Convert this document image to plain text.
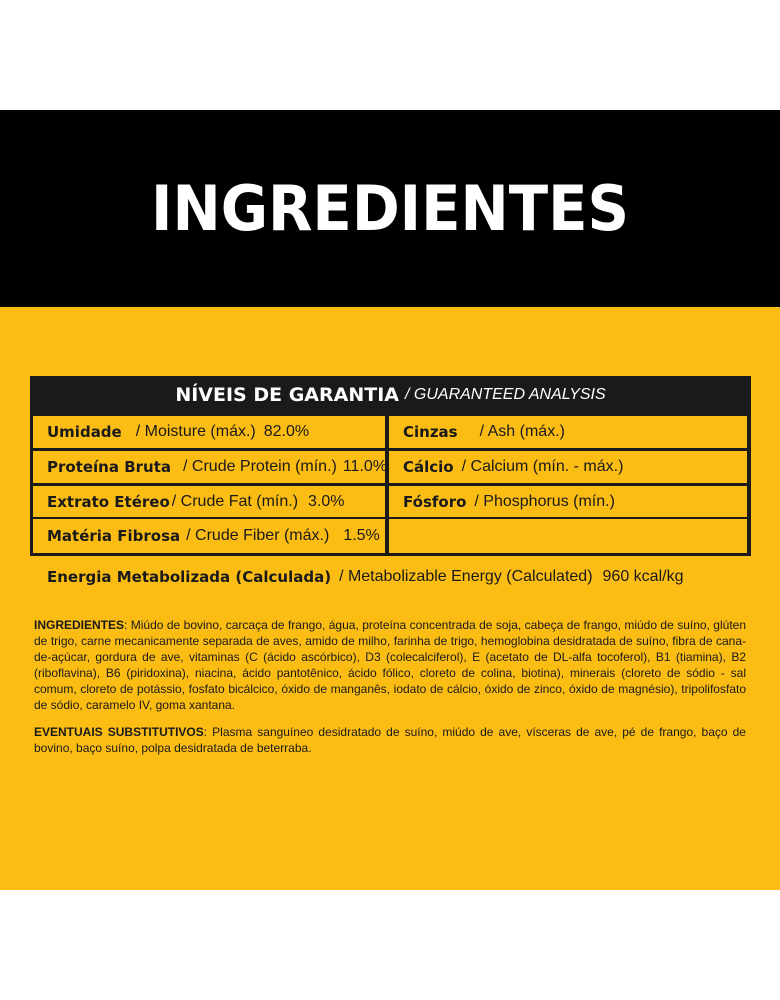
INGREDIENTES
NÍVEIS DE GARANTIA / GUARANTEED ANALYSIS
Umidade / Moisture (máx.) 82.0%
Proteína Bruta / Crude Protein (mín.) 11.0%
Extrato Etéreo / Crude Fat (mín.) 3.0%
Matéria Fibrosa / Crude Fiber (máx.) 1.5%
Cinzas / Ash (máx.)
Cálcio / Calcium (mín. - máx.)
Fósforo / Phosphorus (mín.)
Energia Metabolizada (Calculada) / Metabolizable Energy (Calculated) 960 kcal/kg

INGREDIENTES: Miúdo de bovino, carcaça de frango, água, proteína concentrada de soja, cabeça de frango, miúdo de suíno, glúten de trigo, carne mecanicamente separada de aves, amido de milho, farinha de trigo, hemoglobina desidratada de suíno, fibra de cana-de-açúcar, gordura de ave, vitaminas (C (ácido ascórbico), D3 (colecalciferol), E (acetato de DL-alfa tocoferol), B1 (tiamina), B2 (riboflavina), B6 (piridoxina), niacina, ácido pantotênico, ácido fólico, cloreto de colina, biotina), minerais (cloreto de sódio - sal comum, cloreto de potássio, fosfato bicálcico, óxido de manganês, iodato de cálcio, óxido de zinco, óxido de magnésio), tripolifosfato de sódio, caramelo IV, goma xantana.

EVENTUAIS SUBSTITUTIVOS: Plasma sanguíneo desidratado de suíno, miúdo de ave, vísceras de ave, pé de frango, baço de bovino, baço suíno, polpa desidratada de beterraba.
